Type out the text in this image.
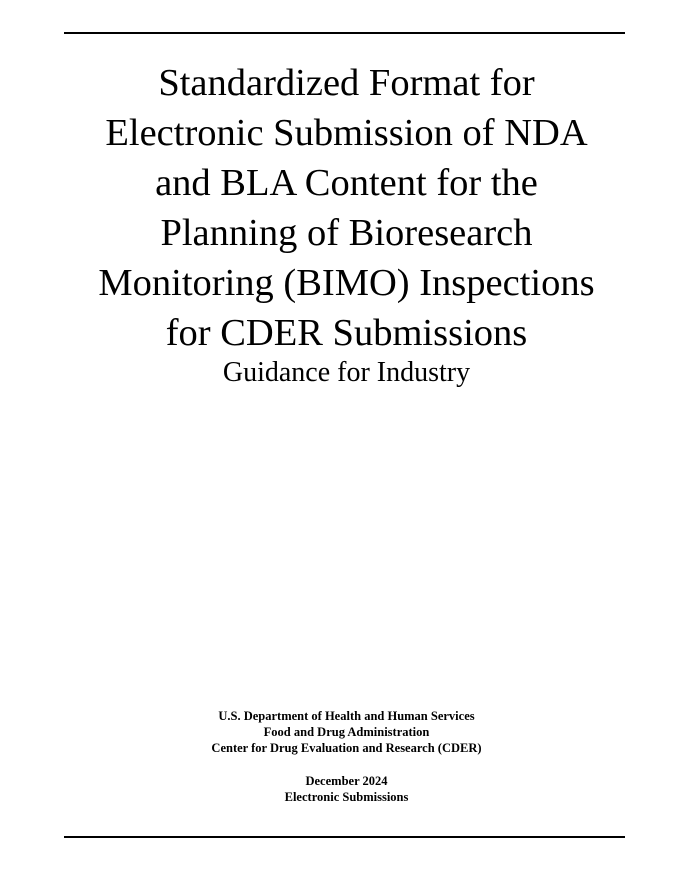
Standardized Format for
Electronic Submission of NDA
and BLA Content for the
Planning of Bioresearch
Monitoring (BIMO) Inspections
for CDER Submissions
Guidance for Industry
U.S. Department of Health and Human Services
Food and Drug Administration
Center for Drug Evaluation and Research (CDER)
December 2024
Electronic Submissions
